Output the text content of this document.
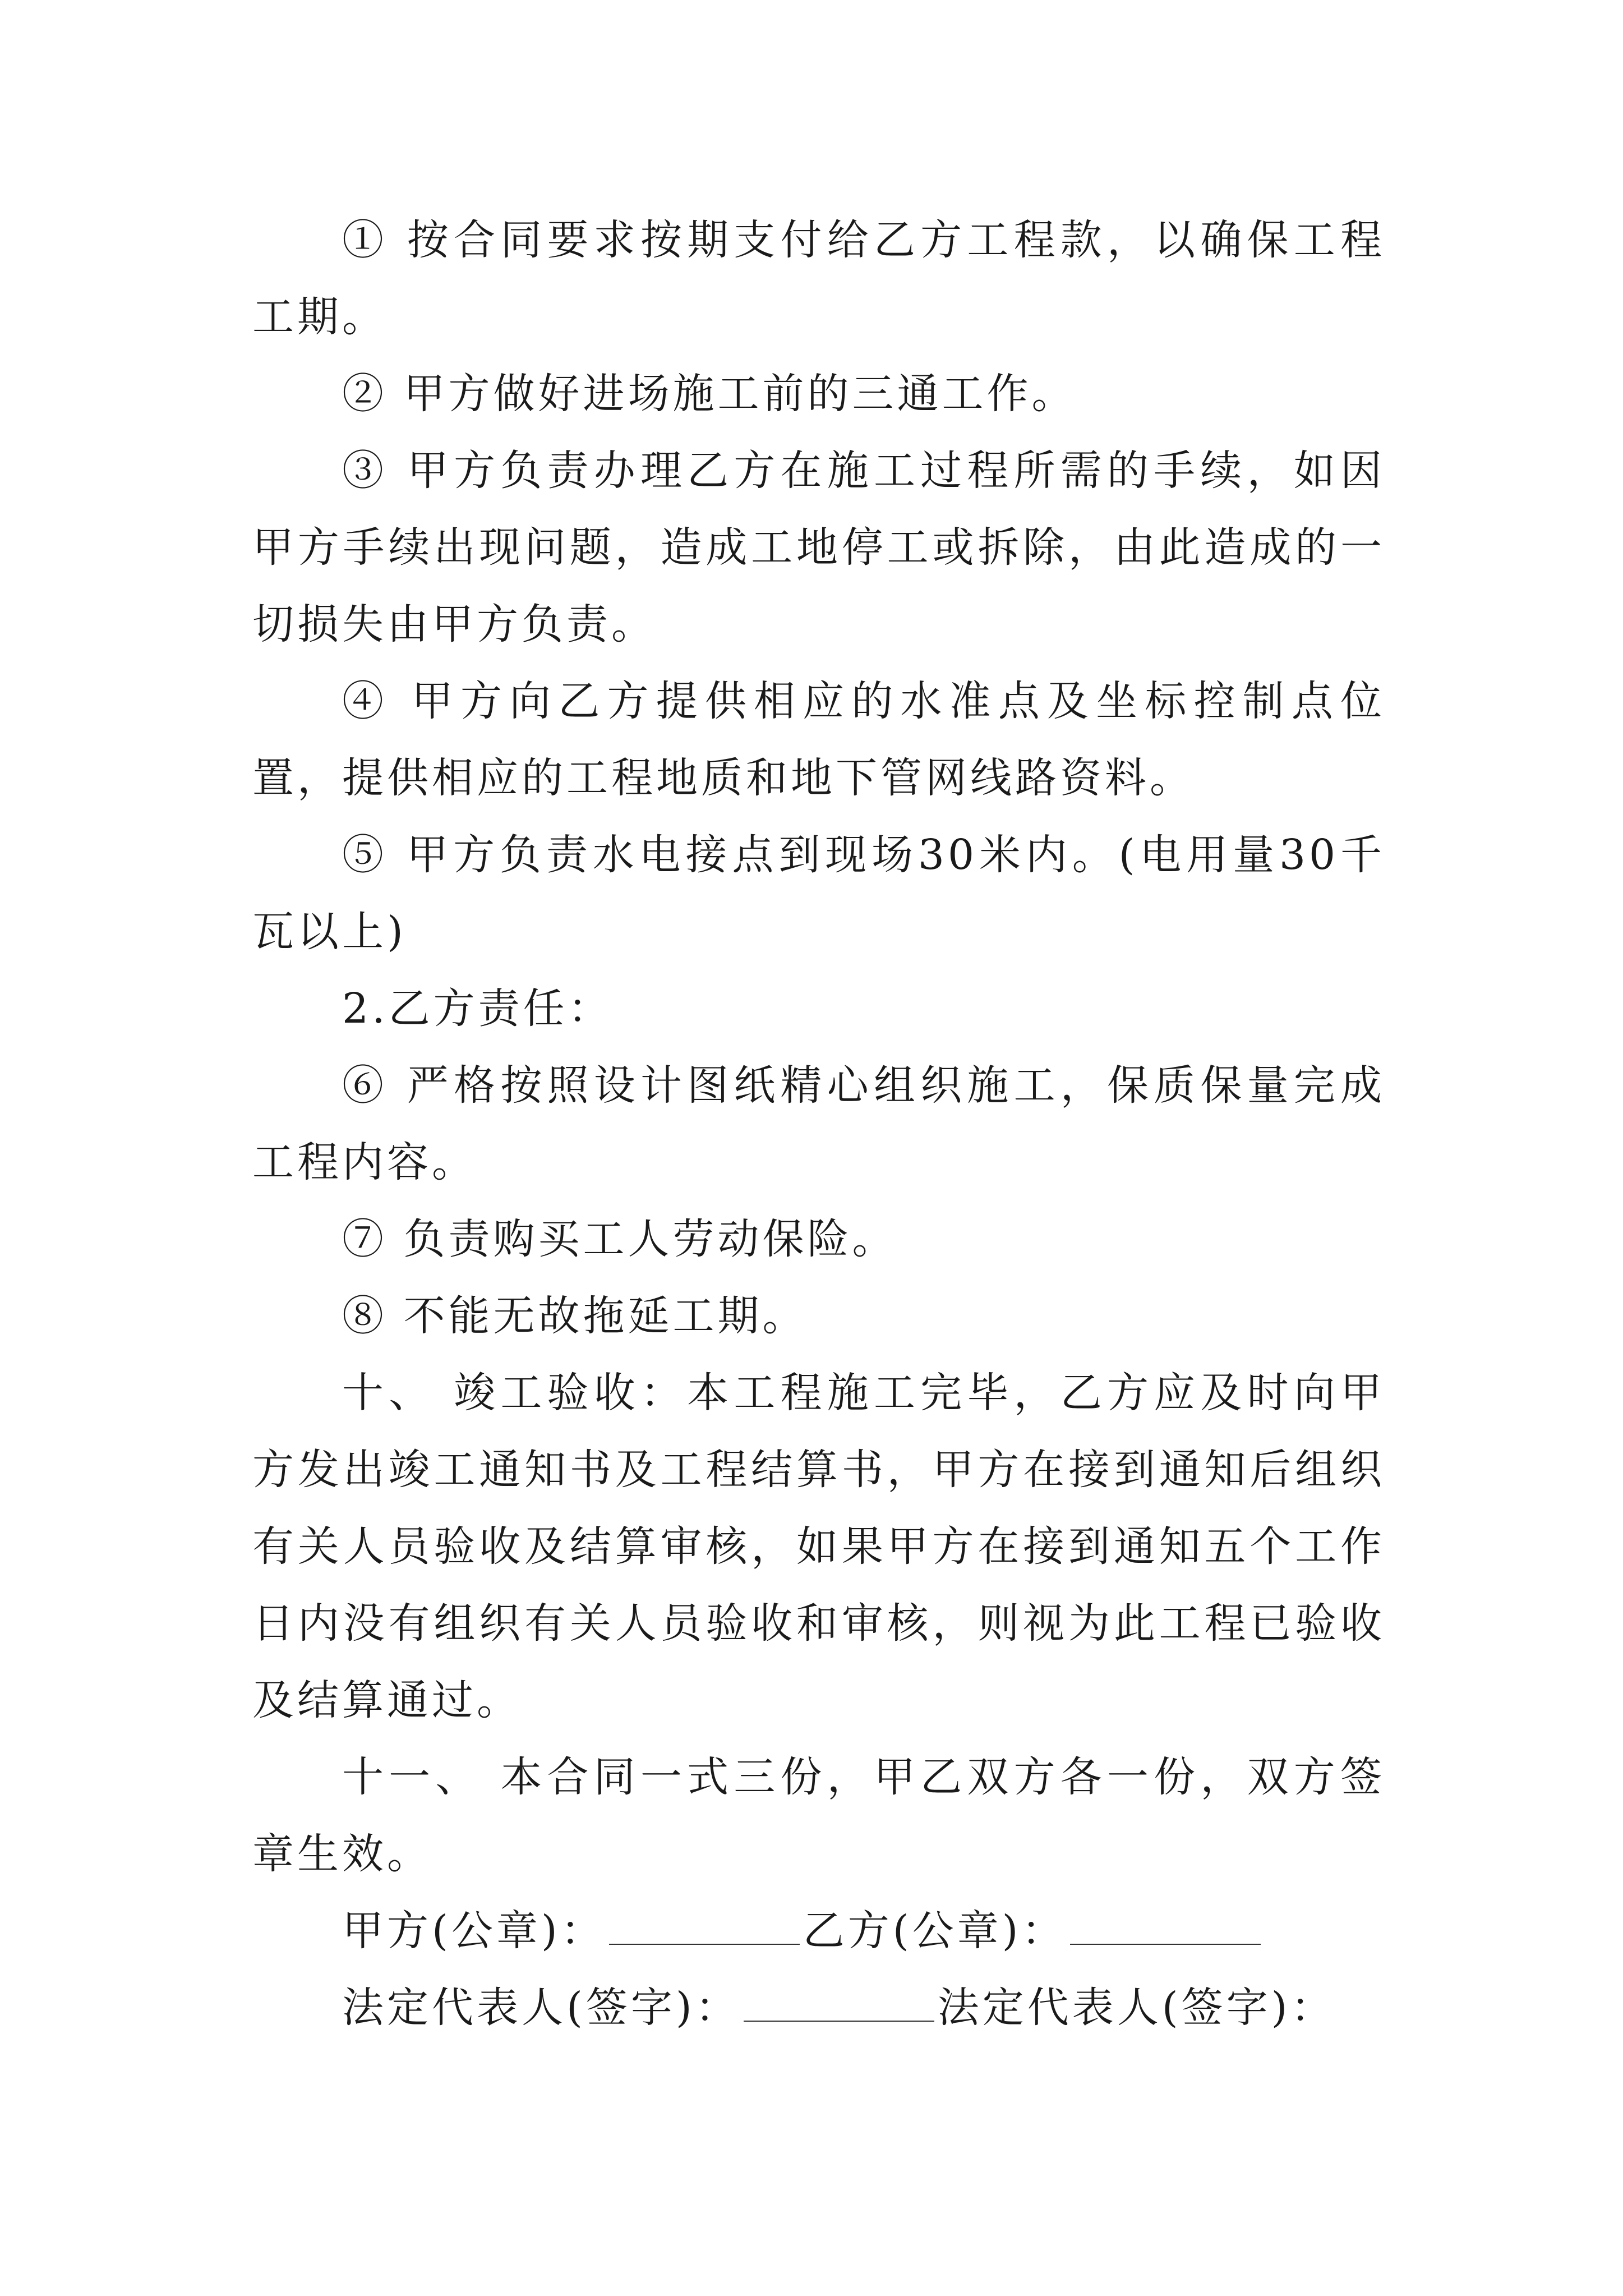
① 按合同要求按期支付给乙方工程款，以确保工程工期。

② 甲方做好进场施工前的三通工作。

③ 甲方负责办理乙方在施工过程所需的手续，如因甲方手续出现问题，造成工地停工或拆除，由此造成的一切损失由甲方负责。

④ 甲方向乙方提供相应的水准点及坐标控制点位置，提供相应的工程地质和地下管网线路资料。

⑤ 甲方负责水电接点到现场30米内。(电用量30千瓦以上)

2.乙方责任：

⑥ 严格按照设计图纸精心组织施工，保质保量完成工程内容。

⑦ 负责购买工人劳动保险。

⑧ 不能无故拖延工期。

十、 竣工验收：本工程施工完毕，乙方应及时向甲方发出竣工通知书及工程结算书，甲方在接到通知后组织有关人员验收及结算审核，如果甲方在接到通知五个工作日内没有组织有关人员验收和审核，则视为此工程已验收及结算通过。

十一、 本合同一式三份，甲乙双方各一份，双方签章生效。

甲方(公章)：	乙方(公章)：
法定代表人(签字)：	法定代表人(签字)：
